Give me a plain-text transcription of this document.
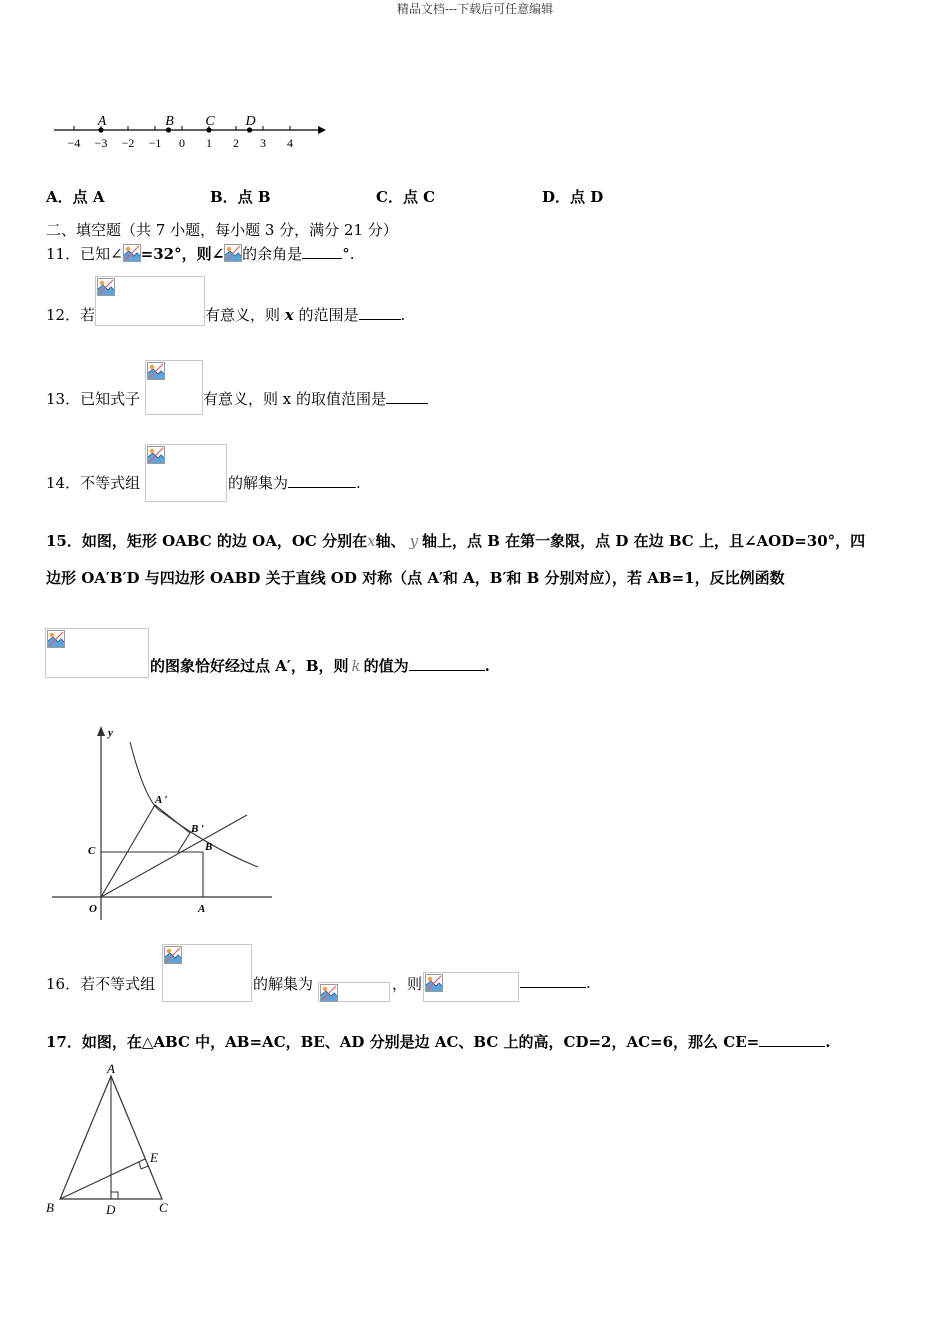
精品文档---下载后可任意编辑
−4 −3 −2 −1 0 1 2 3 4
A	B C D
A．点 A	B．点 B	C．点 C	D．点 D
二、填空题（共 7 小题，每小题 3 分，满分 21 分）
11．已知∠ =32°，则∠ 的余角是	°.
12．若	有意义，则 x 的范围是	.
13．已知式子	有意义，则 x 的取值范围是
14．不等式组	的解集为	.
15．如图，矩形 OABC 的边 OA，OC 分别在x轴、 y 轴上，点 B 在第一象限，点 D 在边 BC 上，且∠AOD=30°，四
边形 OA′B′D 与四边形 OABD 关于直线 OD 对称（点 A′和 A，B′和 B 分别对应），若 AB=1，反比例函数
的图象恰好经过点 A′，B，则 k 的值为	.
y
A ′
B ′
B
C
O	A
16．若不等式组	的解集为	，则	.
17．如图，在△ABC 中，AB=AC，BE、AD 分别是边 AC、BC 上的高，CD=2，AC=6，那么 CE=	.
A
E
B	D	C
